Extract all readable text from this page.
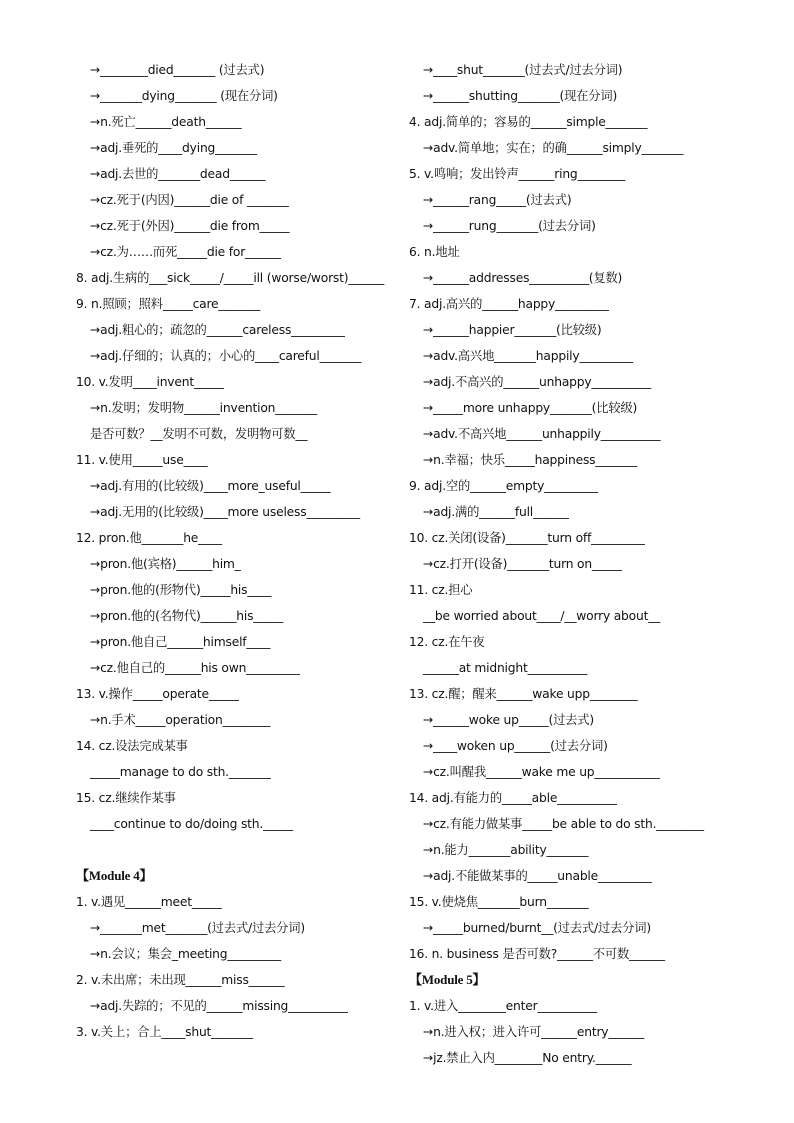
→________died_______ (过去式)
→_______dying_______ (现在分词)
→n.死亡______death______
→adj.垂死的____dying_______
→adj.去世的_______dead______
→cz.死于(内因)______die of _______
→cz.死于(外因)______die from_____
→cz.为……而死_____die for______
8. adj.生病的___sick_____/_____ill (worse/worst)______
9. n.照顾；照料_____care_______
→adj.粗心的；疏忽的______careless_________
→adj.仔细的；认真的；小心的____careful_______
10. v.发明____invent_____
→n.发明；发明物______invention_______
是否可数？__发明不可数，发明物可数__
11. v.使用_____use____
→adj.有用的(比较级)____more_useful_____
→adj.无用的(比较级)____more useless_________
12. pron.他_______he____
→pron.他(宾格)______him_
→pron.他的(形物代)_____his____
→pron.他的(名物代)______his_____
→pron.他自己______himself____
→cz.他自己的______his own_________
13. v.操作_____operate_____
→n.手术_____operation________
14. cz.设法完成某事
_____manage to do sth._______
15. cz.继续作某事
____continue to do/doing sth._____
【Module 4】
1. v.遇见______meet_____
→_______met_______(过去式/过去分词)
→n.会议；集会_meeting_________
2. v.未出席；未出现______miss______
→adj.失踪的；不见的______missing__________
3. v.关上；合上____shut_______
→____shut_______(过去式/过去分词)
→______shutting_______(现在分词)
4. adj.简单的；容易的______simple_______
→adv.简单地；实在；的确______simply_______
5. v.鸣响；发出铃声______ring________
→______rang_____(过去式)
→______rung_______(过去分词)
6. n.地址
→______addresses__________(复数)
7. adj.高兴的______happy_________
→______happier_______(比较级)
→adv.高兴地_______happily_________
→adj.不高兴的______unhappy__________
→_____more unhappy_______(比较级)
→adv.不高兴地______unhappily__________
→n.幸福；快乐_____happiness_______
9. adj.空的______empty_________
→adj.满的______full______
10. cz.关闭(设备)_______turn off_________
→cz.打开(设备)_______turn on_____
11. cz.担心
__be worried about____/__worry about__
12. cz.在午夜
______at midnight__________
13. cz.醒；醒来______wake upp________
→______woke up_____(过去式)
→____woken up______(过去分词)
→cz.叫醒我______wake me up___________
14. adj.有能力的_____able__________
→cz.有能力做某事_____be able to do sth.________
→n.能力_______ability_______
→adj.不能做某事的_____unable_________
15. v.使烧焦_______burn_______
→_____burned/burnt__(过去式/过去分词)
16. n. business 是否可数?______不可数______
【Module 5】
1. v.进入________enter__________
→n.进入权；进入许可______entry______
→jz.禁止入内________No entry.______
